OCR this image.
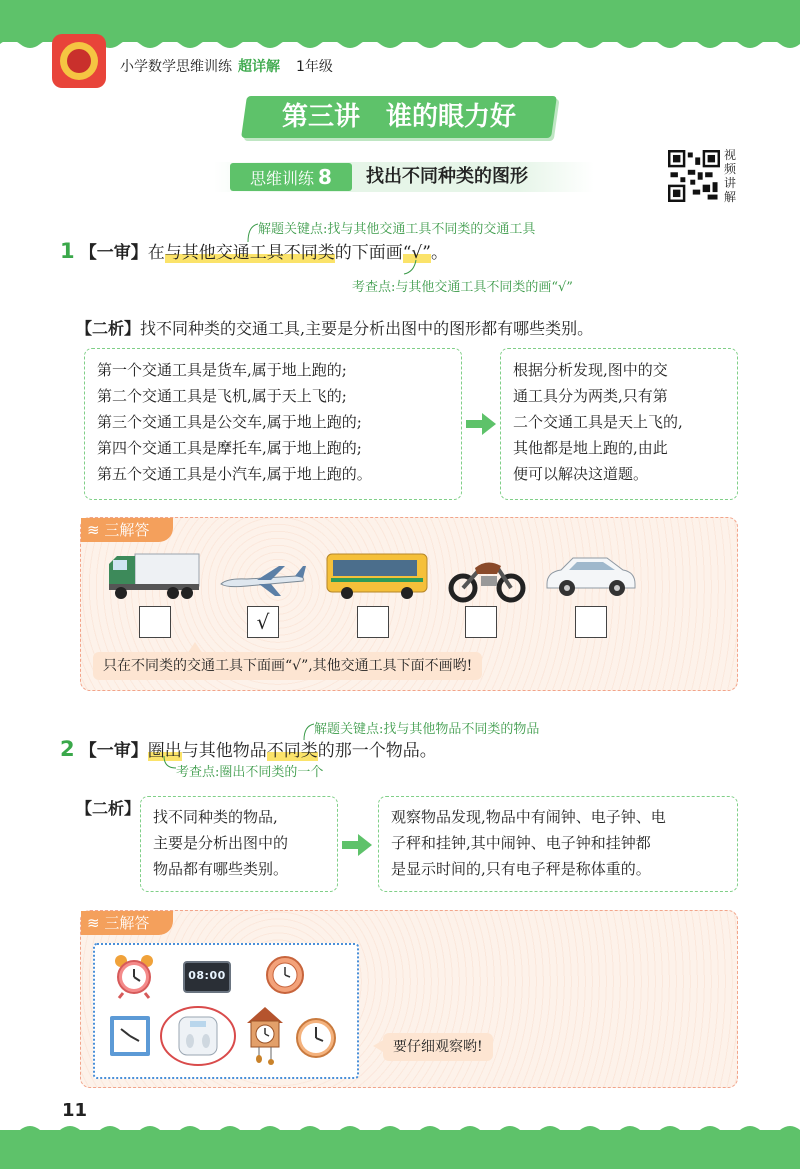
小学数学思维训练 超详解 1年级
第三讲　谁的眼力好
思维训练 8	找出不同种类的图形
视频讲解
解题关键点:找与其他交通工具不同类的交通工具
1 【一审】在与其他交通工具不同类的下面画“√”。
考查点:与其他交通工具不同类的画“√”
【二析】找不同种类的交通工具,主要是分析出图中的图形都有哪些类别。
第一个交通工具是货车,属于地上跑的;
第二个交通工具是飞机,属于天上飞的;
第三个交通工具是公交车,属于地上跑的;
第四个交通工具是摩托车,属于地上跑的;
第五个交通工具是小汽车,属于地上跑的。
根据分析发现,图中的交
通工具分为两类,只有第
二个交通工具是天上飞的,
其他都是地上跑的,由此
便可以解决这道题。
≋ 三解答
√
只在不同类的交通工具下面画“√”,其他交通工具下面不画哟!
解题关键点:找与其他物品不同类的物品
2 【一审】圈出与其他物品不同类的那一个物品。
考查点:圈出不同类的一个
【二析】 找不同种类的物品,
主要是分析出图中的
物品都有哪些类别。
观察物品发现,物品中有闹钟、电子钟、电
子秤和挂钟,其中闹钟、电子钟和挂钟都
是显示时间的,只有电子秤是称体重的。
≋ 三解答
08:00
要仔细观察哟!
11
